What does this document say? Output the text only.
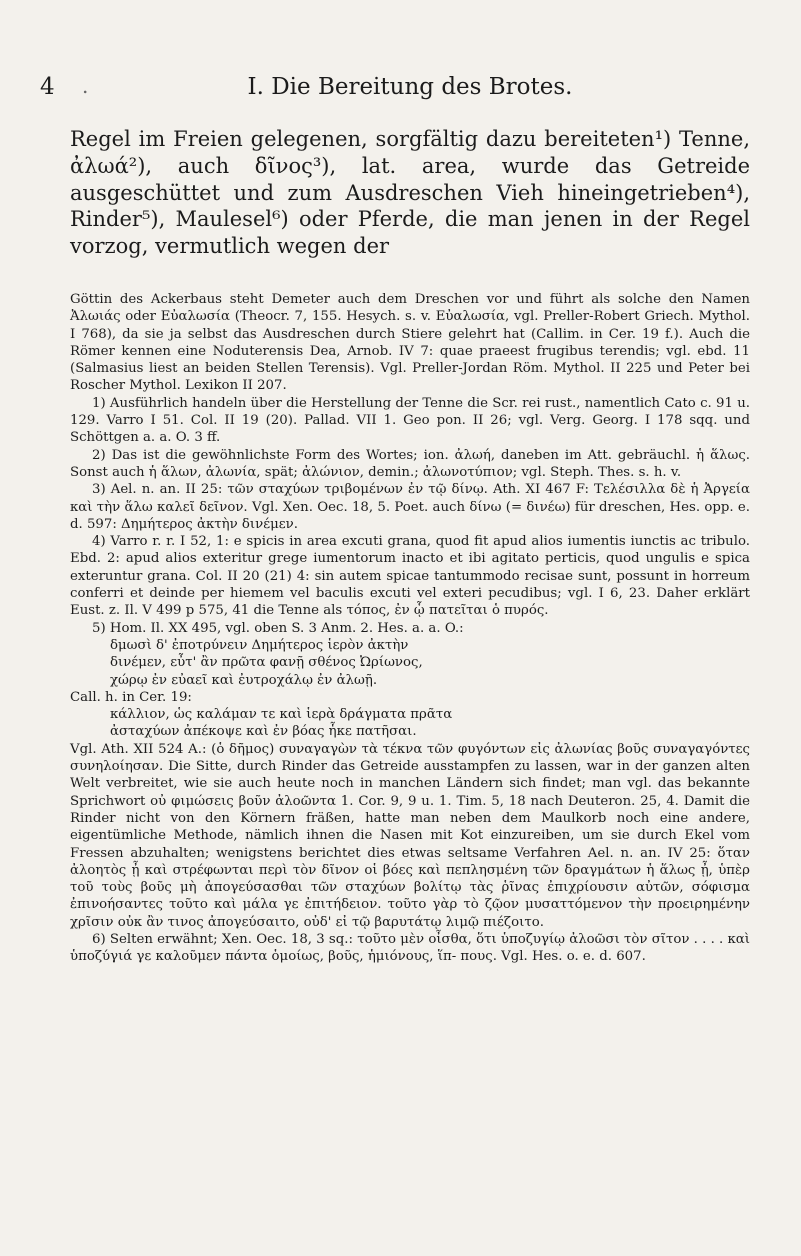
4 .	I. Die Bereitung des Brotes.

Regel im Freien gelegenen, sorgfältig dazu bereiteten¹) Tenne, ἀλωά²), auch δῖνος³), lat. area, wurde das Getreide ausgeschüttet und zum Ausdreschen Vieh hineingetrieben⁴), Rinder⁵), Maulesel⁶) oder Pferde, die man jenen in der Regel vorzog, vermutlich wegen der

Göttin des Ackerbaus steht Demeter auch dem Dreschen vor und führt als solche den Namen Ἀλωιάς oder Εὐαλωσία (Theocr. 7, 155. Hesych. s. v. Εὐαλωσία, vgl. Preller-Robert Griech. Mythol. I 768), da sie ja selbst das Ausdreschen durch Stiere gelehrt hat (Callim. in Cer. 19 f.). Auch die Römer kennen eine Noduterensis Dea, Arnob. IV 7: quae praeest frugibus terendis; vgl. ebd. 11 (Salmasius liest an beiden Stellen Terensis). Vgl. Preller-Jordan Röm. Mythol. II 225 und Peter bei Roscher Mythol. Lexikon II 207.

1) Ausführlich handeln über die Herstellung der Tenne die Scr. rei rust., namentlich Cato c. 91 u. 129. Varro I 51. Col. II 19 (20). Pallad. VII 1. Geo pon. II 26; vgl. Verg. Georg. I 178 sqq. und Schöttgen a. a. O. 3 ff.

2) Das ist die gewöhnlichste Form des Wortes; ion. ἀλωή, daneben im Att. gebräuchl. ἡ ἅλως. Sonst auch ἡ ἅλων, ἀλωνία, spät; ἀλώνιον, demin.; ἀλωνοτύπιον; vgl. Steph. Thes. s. h. v.

3) Ael. n. an. II 25: τῶν σταχύων τριβομένων ἐν τῷ δίνῳ. Ath. XI 467 F: Τελέσιλλα δὲ ἡ Ἀργεία καὶ τὴν ἅλω καλεῖ δεῖνον. Vgl. Xen. Oec. 18, 5. Poet. auch δίνω (= δινέω) für dreschen, Hes. opp. e. d. 597: Δημήτερος ἀκτὴν δινέμεν.

4) Varro r. r. I 52, 1: e spicis in area excuti grana, quod fit apud alios iumentis iunctis ac tribulo. Ebd. 2: apud alios exteritur grege iumentorum inacto et ibi agitato perticis, quod ungulis e spica exteruntur grana. Col. II 20 (21) 4: sin autem spicae tantummodo recisae sunt, possunt in horreum conferri et deinde per hiemem vel baculis excuti vel exteri pecudibus; vgl. I 6, 23. Daher erklärt Eust. z. Il. V 499 p 575, 41 die Tenne als τόπος, ἐν ᾧ πατεῖται ὁ πυρός.

5) Hom. Il. XX 495, vgl. oben S. 3 Anm. 2. Hes. a. a. O.:

δμωσὶ δ' ἐποτρύνειν Δημήτερος ἱερὸν ἀκτὴν

δινέμεν, εὖτ' ἂν πρῶτα φανῇ σθένος Ὠρίωνος,

χώρῳ ἐν εὐαεῖ καὶ ἐυτροχάλῳ ἐν ἀλωῇ.

Call. h. in Cer. 19:

κάλλιον, ὡς καλάμαν τε καὶ ἱερὰ δράγματα πρᾶτα

ἀσταχύων ἀπέκοψε καὶ ἐν βόας ἧκε πατῆσαι.

Vgl. Ath. XII 524 A.: (ὁ δῆμος) συναγαγὼν τὰ τέκνα τῶν φυγόντων εἰς ἀλωνίας βοῦς συναγαγόντες συνηλοίησαν. Die Sitte, durch Rinder das Getreide ausstampfen zu lassen, war in der ganzen alten Welt verbreitet, wie sie auch heute noch in manchen Ländern sich findet; man vgl. das bekannte Sprichwort οὐ φιμώσεις βοῦν ἀλοῶντα 1. Cor. 9, 9 u. 1. Tim. 5, 18 nach Deuteron. 25, 4. Damit die Rinder nicht von den Körnern fräßen, hatte man neben dem Maulkorb noch eine andere, eigentümliche Methode, nämlich ihnen die Nasen mit Kot einzureiben, um sie durch Ekel vom Fressen abzuhalten; wenigstens berichtet dies etwas seltsame Verfahren Ael. n. an. IV 25: ὅταν ἀλοητὸς ᾖ καὶ στρέφωνται περὶ τὸν δῖνον οἱ βόες καὶ πεπλησμένη τῶν δραγμάτων ἡ ἅλως ᾖ, ὑπὲρ τοῦ τοὺς βοῦς μὴ ἀπογεύσασθαι τῶν σταχύων βολίτῳ τὰς ῥῖνας ἐπιχρίουσιν αὐτῶν, σόφισμα ἐπινοήσαντες τοῦτο καὶ μάλα γε ἐπιτήδειον. τοῦτο γὰρ τὸ ζῷον μυσαττόμενον τὴν προειρημένην χρῖσιν οὐκ ἂν τινος ἀπογεύσαιτο, οὐδ' εἰ τῷ βαρυτάτῳ λιμῷ πιέζοιτο.

6) Selten erwähnt; Xen. Oec. 18, 3 sq.: τοῦτο μὲν οἶσθα, ὅτι ὑποζυγίῳ ἀλοῶσι τὸν σῖτον . . . . καὶ ὑποζύγιά γε καλοῦμεν πάντα ὁμοίως, βοῦς, ἡμιόνους, ἵπ- πους. Vgl. Hes. o. e. d. 607.
